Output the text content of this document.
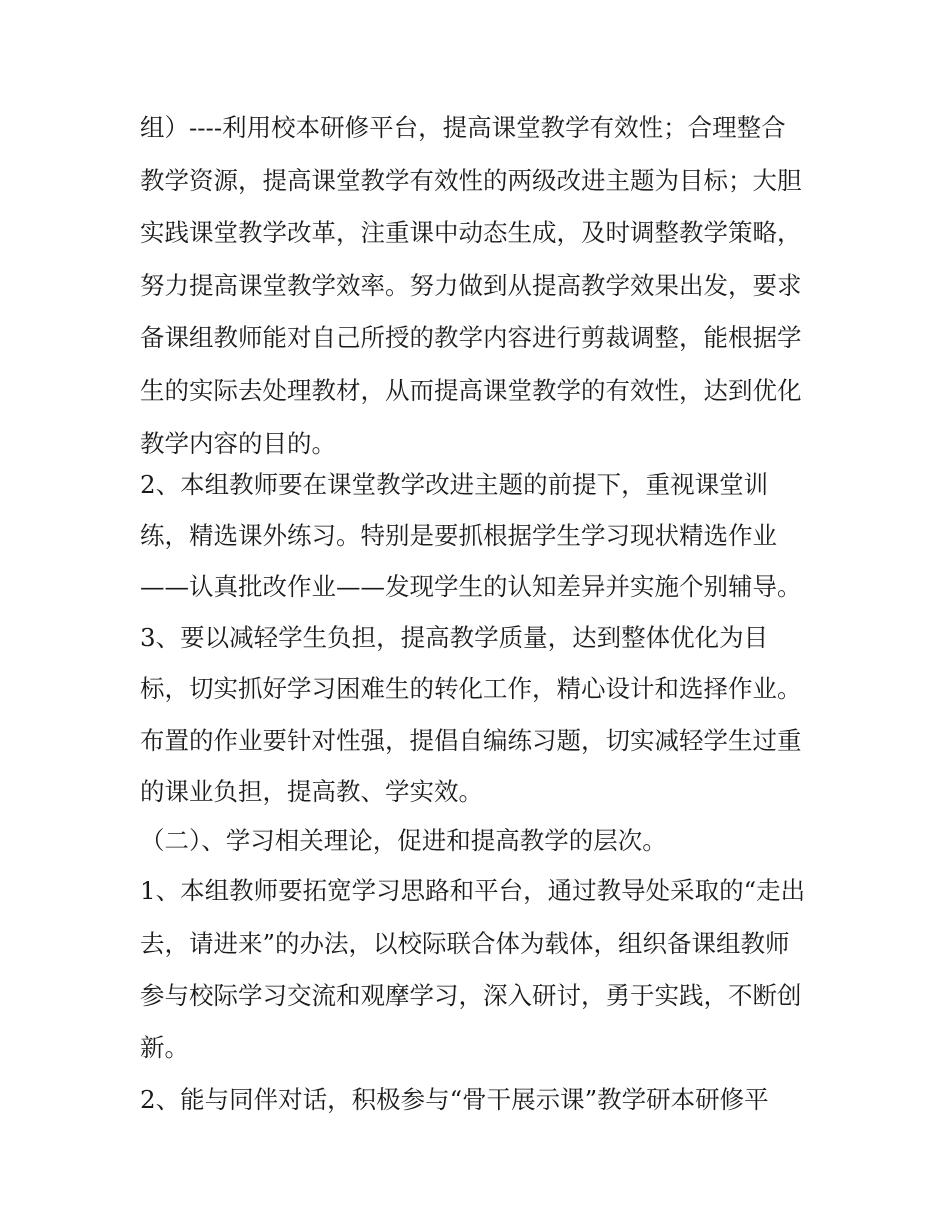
组）----利用校本研修平台，提高课堂教学有效性；合理整合
教学资源，提高课堂教学有效性的两级改进主题为目标；大胆
实践课堂教学改革，注重课中动态生成，及时调整教学策略，
努力提高课堂教学效率。努力做到从提高教学效果出发，要求
备课组教师能对自己所授的教学内容进行剪裁调整，能根据学
生的实际去处理教材，从而提高课堂教学的有效性，达到优化
教学内容的目的。
2、本组教师要在课堂教学改进主题的前提下，重视课堂训
练，精选课外练习。特别是要抓根据学生学习现状精选作业
——认真批改作业——发现学生的认知差异并实施个别辅导。
3、要以减轻学生负担，提高教学质量，达到整体优化为目
标，切实抓好学习困难生的转化工作，精心设计和选择作业。
布置的作业要针对性强，提倡自编练习题，切实减轻学生过重
的课业负担，提高教、学实效。
（二）、学习相关理论，促进和提高教学的层次。
1、本组教师要拓宽学习思路和平台，通过教导处采取的“走出
去，请进来”的办法，以校际联合体为载体，组织备课组教师
参与校际学习交流和观摩学习，深入研讨，勇于实践，不断创
新。
2、能与同伴对话，积极参与“骨干展示课”教学研本研修平
